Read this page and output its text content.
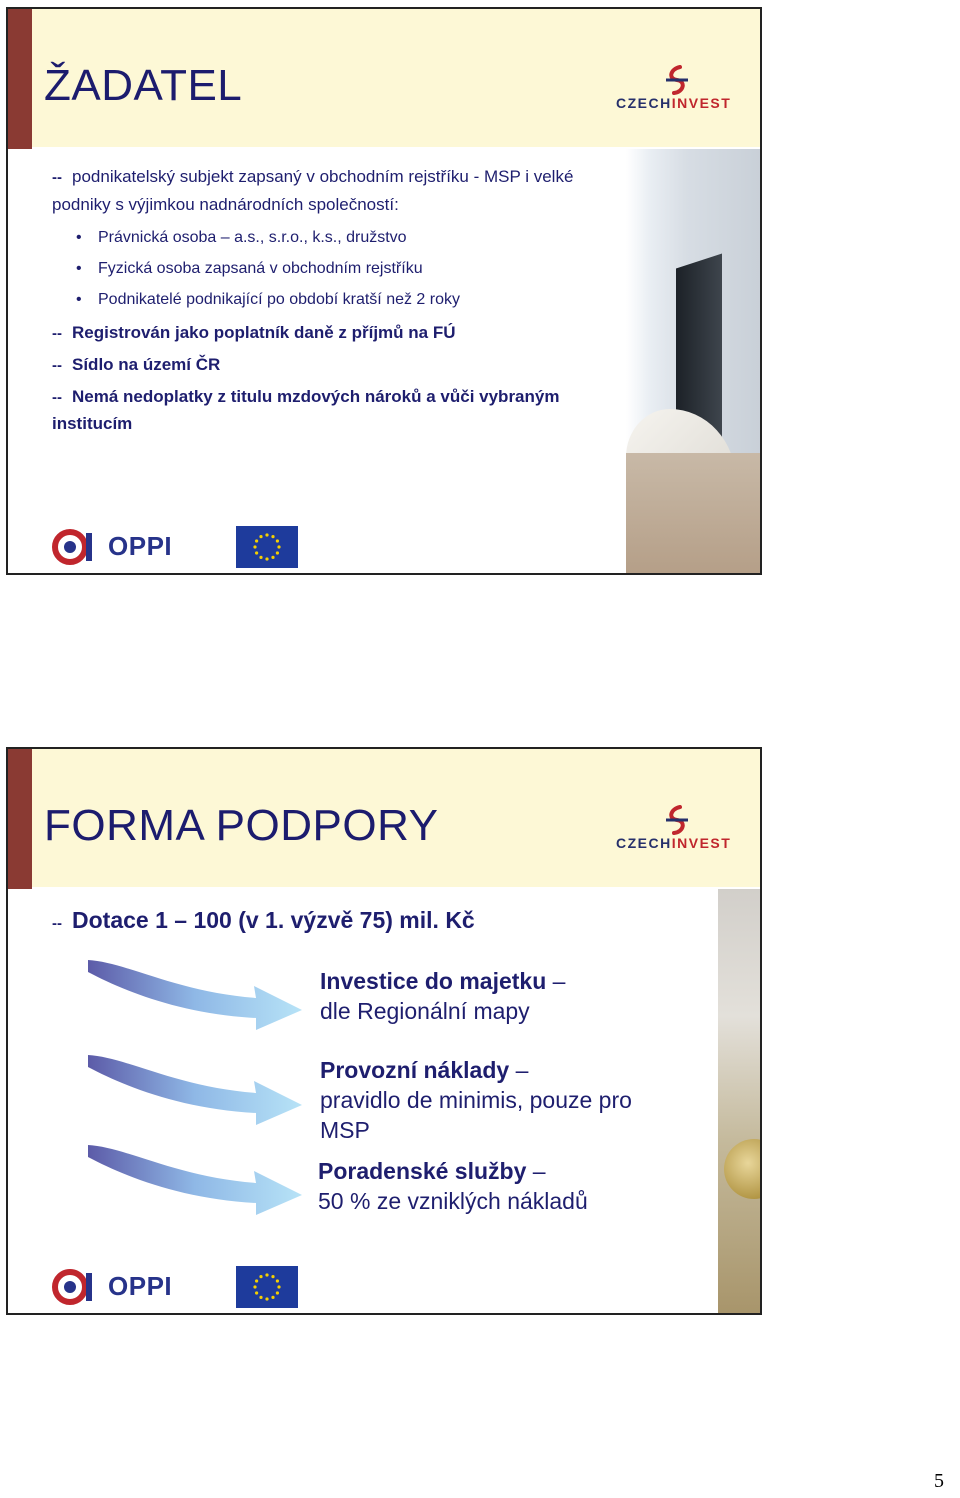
ŽADATEL	CZECHINVEST
-- podnikatelský subjekt zapsaný v obchodním rejstříku - MSP i velké
podniky s výjimkou nadnárodních společností:
• Právnická osoba – a.s., s.r.o., k.s., družstvo
• Fyzická osoba zapsaná v obchodním rejstříku
• Podnikatelé podnikající po období kratší než 2 roky
-- Registrován jako poplatník daně z příjmů na FÚ
-- Sídlo na území ČR
-- Nemá nedoplatky z titulu mzdových nároků a vůči vybraným
institucím
OPPI
FORMA PODPORY	CZECHINVEST
-- Dotace 1 – 100 (v 1. výzvě 75) mil. Kč
Investice do majetku –
dle Regionální mapy
Provozní náklady –
pravidlo de minimis, pouze pro MSP
Poradenské služby –
50 % ze vzniklých nákladů
OPPI
5
